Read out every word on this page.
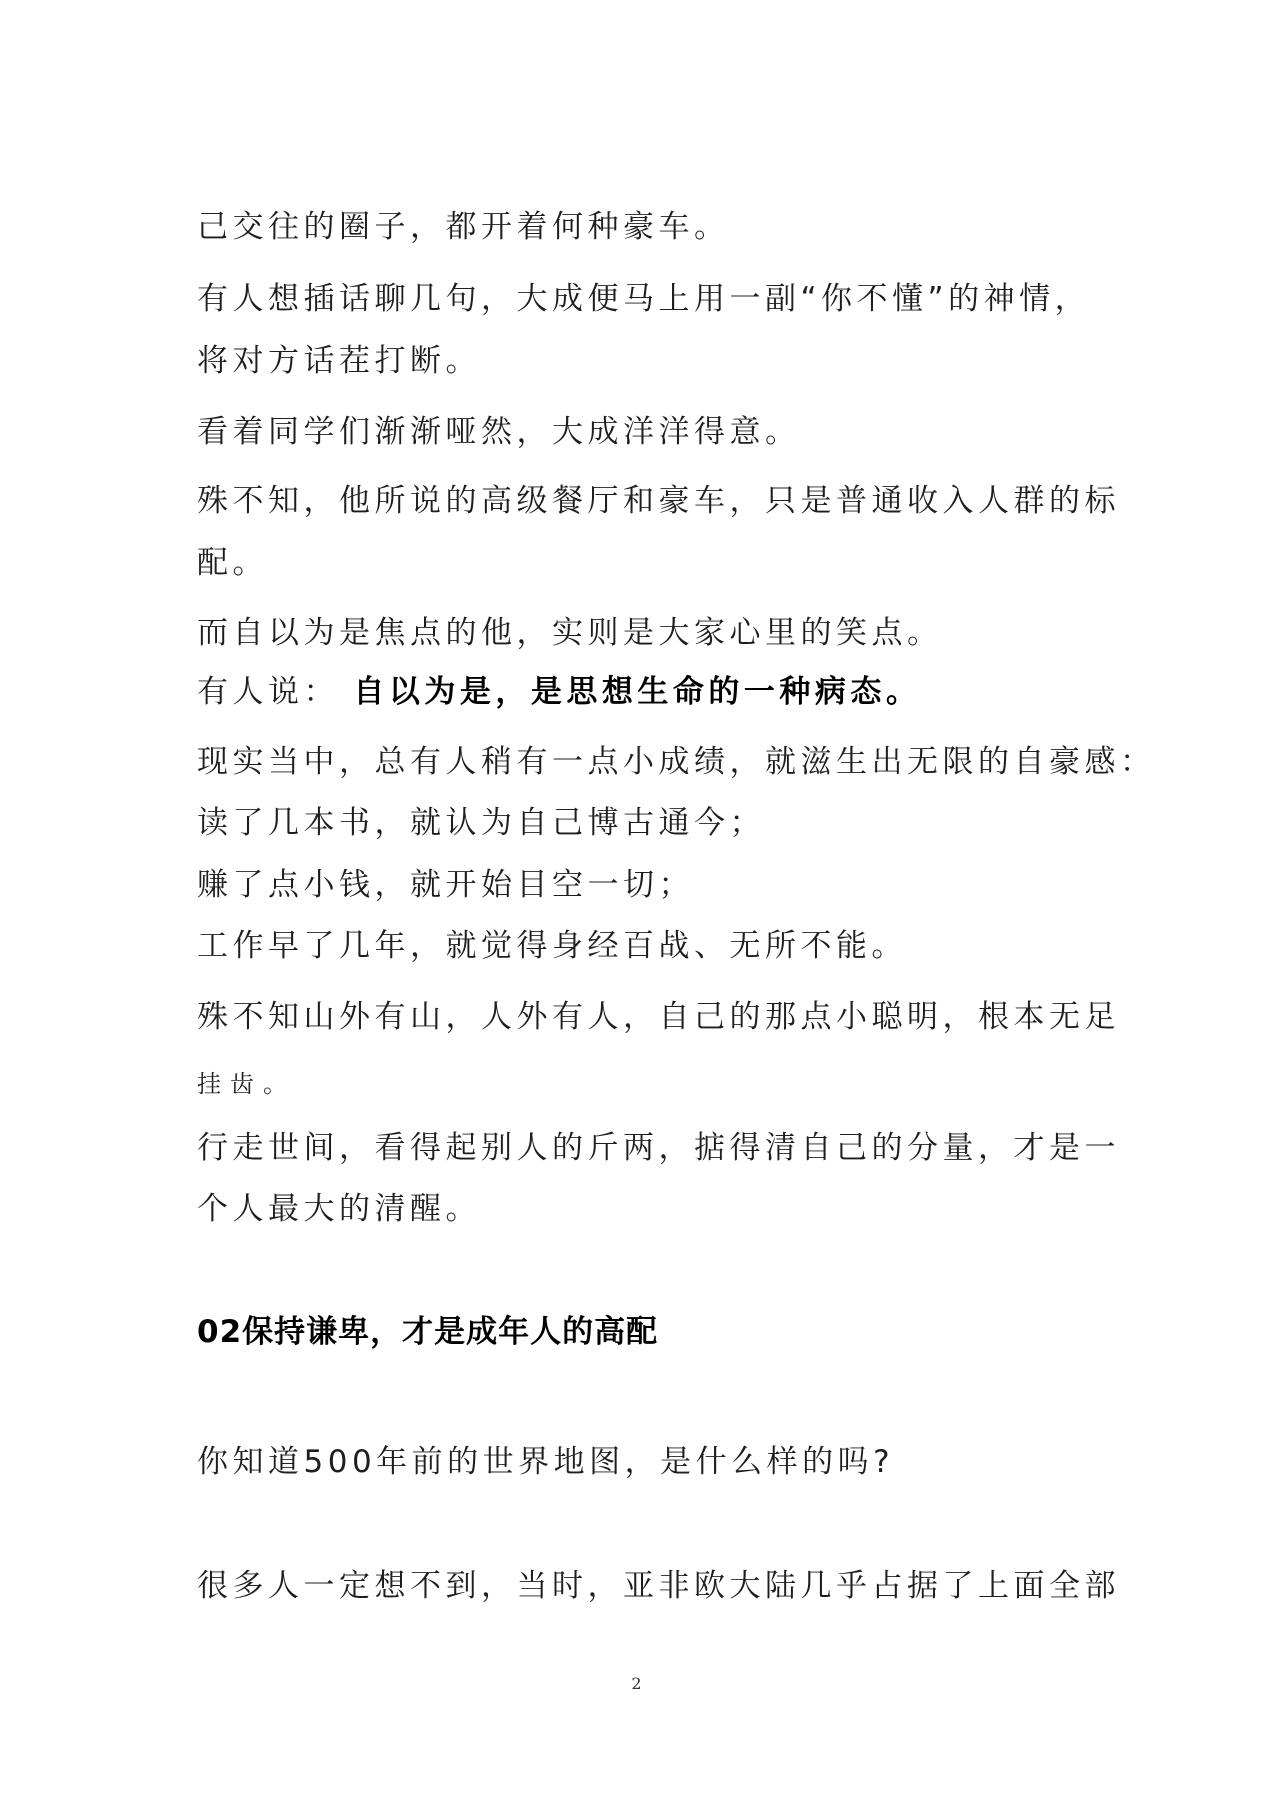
己交往的圈子，都开着何种豪车。

有人想插话聊几句，大成便马上用一副“你不懂”的神情，

将对方话茬打断。

看着同学们渐渐哑然，大成洋洋得意。

殊不知，他所说的高级餐厅和豪车，只是普通收入人群的标

配。

而自以为是焦点的他，实则是大家心里的笑点。

有人说： 自以为是，是思想生命的一种病态。

现实当中，总有人稍有一点小成绩，就滋生出无限的自豪感：

读了几本书，就认为自己博古通今；

赚了点小钱，就开始目空一切；

工作早了几年，就觉得身经百战、无所不能。

殊不知山外有山，人外有人，自己的那点小聪明，根本无足

挂齿。

行走世间，看得起别人的斤两，掂得清自己的分量，才是一

个人最大的清醒。

02保持谦卑，才是成年人的高配

你知道500年前的世界地图，是什么样的吗?

很多人一定想不到，当时，亚非欧大陆几乎占据了上面全部

2
